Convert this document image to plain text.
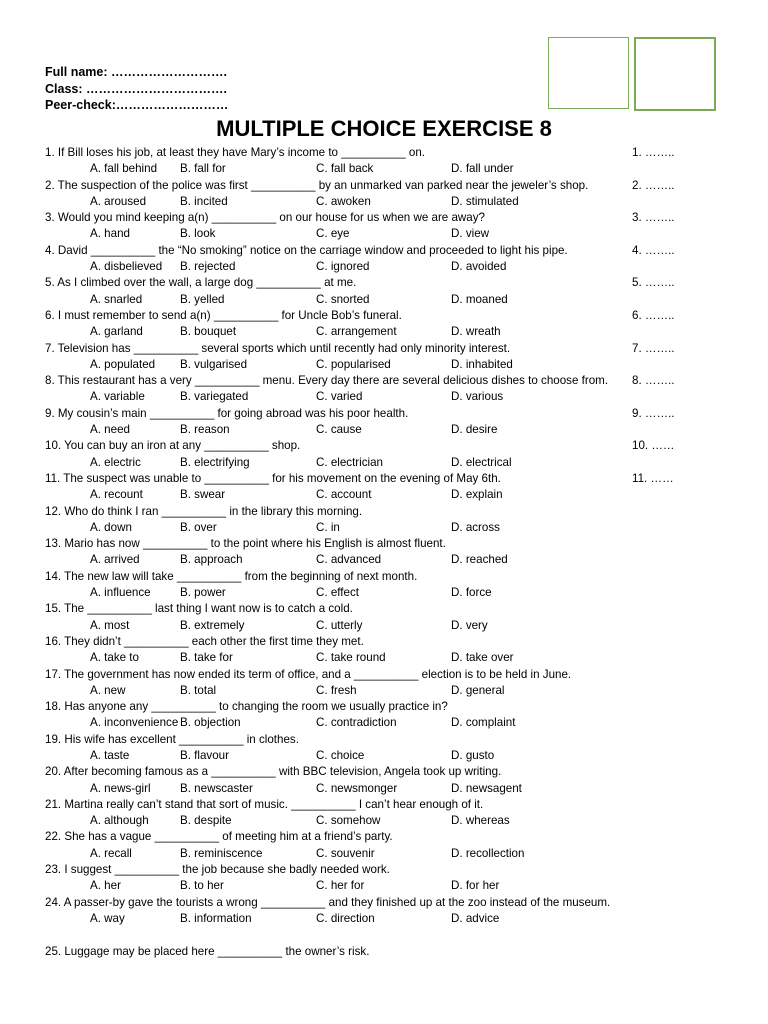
Full name: ……………………….
Class: …………………………….
Peer-check:………………………
MULTIPLE CHOICE EXERCISE 8
1. If Bill loses his job, at least they have Mary’s income to __________ on.	1. ……..
A. fall behind B. fall for	C. fall back	D. fall under
2. The suspection of the police was first __________ by an unmarked van parked near the jeweler’s shop.	2. ……..
A. aroused	B. incited	C. awoken	D. stimulated
3. Would you mind keeping a(n) __________ on our house for us when we are away?	3. ……..
A. hand	B. look	C. eye	D. view
4. David __________ the “No smoking” notice on the carriage window and proceeded to light his pipe.	4. ……..
A. disbelieved B. rejected	C. ignored	D. avoided
5. As I climbed over the wall, a large dog __________ at me.	5. ……..
A. snarled	B. yelled	C. snorted	D. moaned
6. I must remember to send a(n) __________ for Uncle Bob’s funeral.	6. ……..
A. garland	B. bouquet	C. arrangement	D. wreath
7. Television has __________ several sports which until recently had only minority interest.	7. ……..
A. populated B. vulgarised	C. popularised	D. inhabited
8. This restaurant has a very __________ menu. Every day there are several delicious dishes to choose from.	8. ……..
A. variable	B. variegated	C. varied	D. various
9. My cousin’s main __________ for going abroad was his poor health.	9. ……..
A. need	B. reason	C. cause	D. desire
10. You can buy an iron at any __________ shop.	10. ……
A. electric	B. electrifying	C. electrician	D. electrical
11. The suspect was unable to __________ for his movement on the evening of May 6th.	11. ……
A. recount	B. swear	C. account	D. explain
12. Who do think I ran __________ in the library this morning.
A. down	B. over	C. in	D. across
13. Mario has now __________ to the point where his English is almost fluent.
A. arrived	B. approach	C. advanced	D. reached
14. The new law will take __________ from the beginning of next month.
A. influence	B. power	C. effect	D. force
15. The __________ last thing I want now is to catch a cold.
A. most	B. extremely	C. utterly	D. very
16. They didn’t __________ each other the first time they met.
A. take to	B. take for	C. take round	D. take over
17. The government has now ended its term of office, and a __________ election is to be held in June.
A. new	B. total	C. fresh	D. general
18. Has anyone any __________ to changing the room we usually practice in?
A. inconvenience B. objection	C. contradiction	D. complaint
19. His wife has excellent __________ in clothes.
A. taste	B. flavour	C. choice	D. gusto
20. After becoming famous as a __________ with BBC television, Angela took up writing.
A. news-girl	B. newscaster	C. newsmonger	D. newsagent
21. Martina really can’t stand that sort of music. __________ I can’t hear enough of it.
A. although	B. despite	C. somehow	D. whereas
22. She has a vague __________ of meeting him at a friend’s party.
A. recall	B. reminiscence	C. souvenir	D. recollection
23. I suggest __________ the job because she badly needed work.
A. her	B. to her	C. her for	D. for her
24. A passer-by gave the tourists a wrong __________ and they finished up at the zoo instead of the museum.
A. way	B. information	C. direction	D. advice
25. Luggage may be placed here __________ the owner’s risk.
